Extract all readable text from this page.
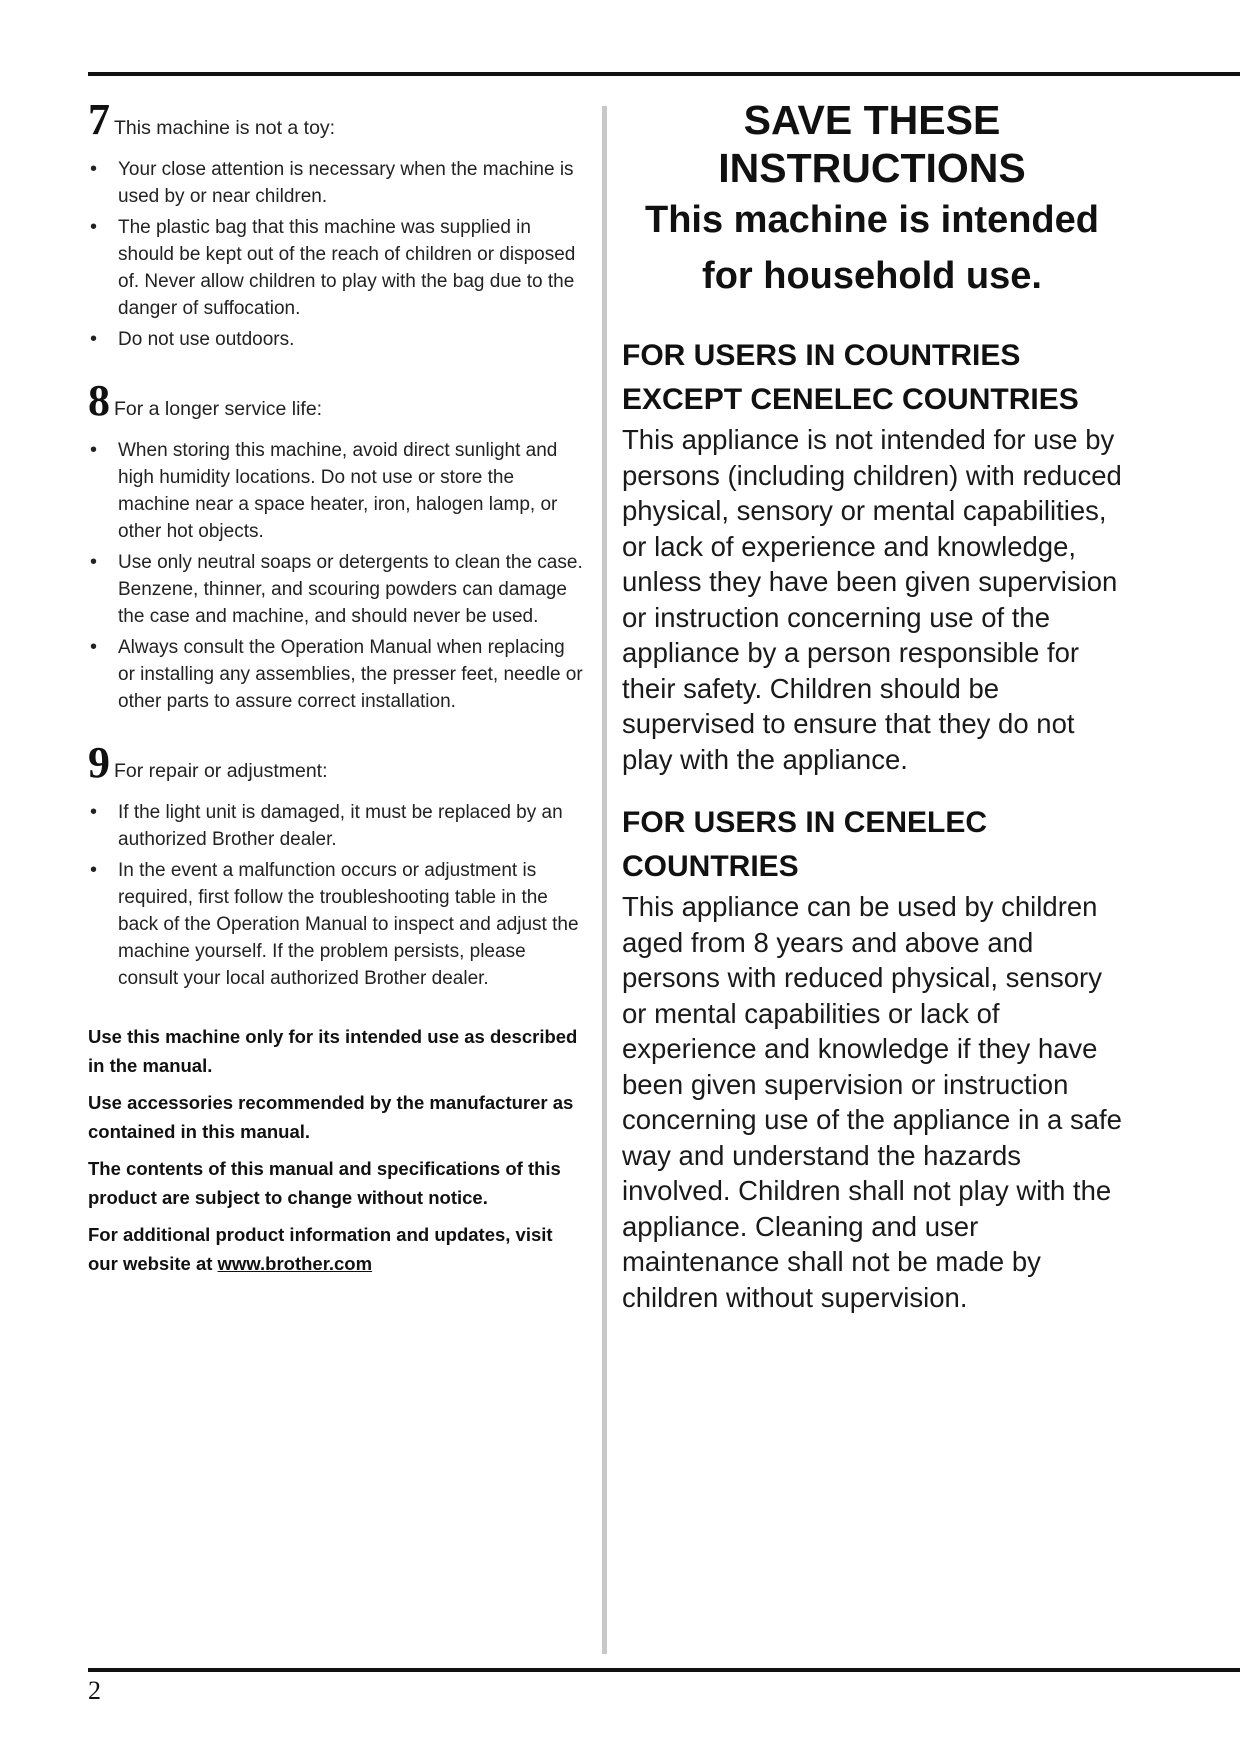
7 This machine is not a toy:
• Your close attention is necessary when the machine is used by or near children.
• The plastic bag that this machine was supplied in should be kept out of the reach of children or disposed of. Never allow children to play with the bag due to the danger of suffocation.
• Do not use outdoors.
8 For a longer service life:
• When storing this machine, avoid direct sunlight and high humidity locations. Do not use or store the machine near a space heater, iron, halogen lamp, or other hot objects.
• Use only neutral soaps or detergents to clean the case. Benzene, thinner, and scouring powders can damage the case and machine, and should never be used.
• Always consult the Operation Manual when replacing or installing any assemblies, the presser feet, needle or other parts to assure correct installation.
9 For repair or adjustment:
• If the light unit is damaged, it must be replaced by an authorized Brother dealer.
• In the event a malfunction occurs or adjustment is required, first follow the troubleshooting table in the back of the Operation Manual to inspect and adjust the machine yourself. If the problem persists, please consult your local authorized Brother dealer.
Use this machine only for its intended use as described in the manual.
Use accessories recommended by the manufacturer as contained in this manual.
The contents of this manual and specifications of this product are subject to change without notice.
For additional product information and updates, visit our website at www.brother.com
SAVE THESE
INSTRUCTIONS

This machine is intended
for household use.

FOR USERS IN COUNTRIES
EXCEPT CENELEC COUNTRIES

This appliance is not intended for use by persons (including children) with reduced physical, sensory or mental capabilities, or lack of experience and knowledge, unless they have been given supervision or instruction concerning use of the appliance by a person responsible for their safety. Children should be supervised to ensure that they do not play with the appliance.

FOR USERS IN CENELEC
COUNTRIES

This appliance can be used by children aged from 8 years and above and persons with reduced physical, sensory or mental capabilities or lack of experience and knowledge if they have been given supervision or instruction concerning use of the appliance in a safe way and understand the hazards involved. Children shall not play with the appliance. Cleaning and user maintenance shall not be made by children without supervision.

2
